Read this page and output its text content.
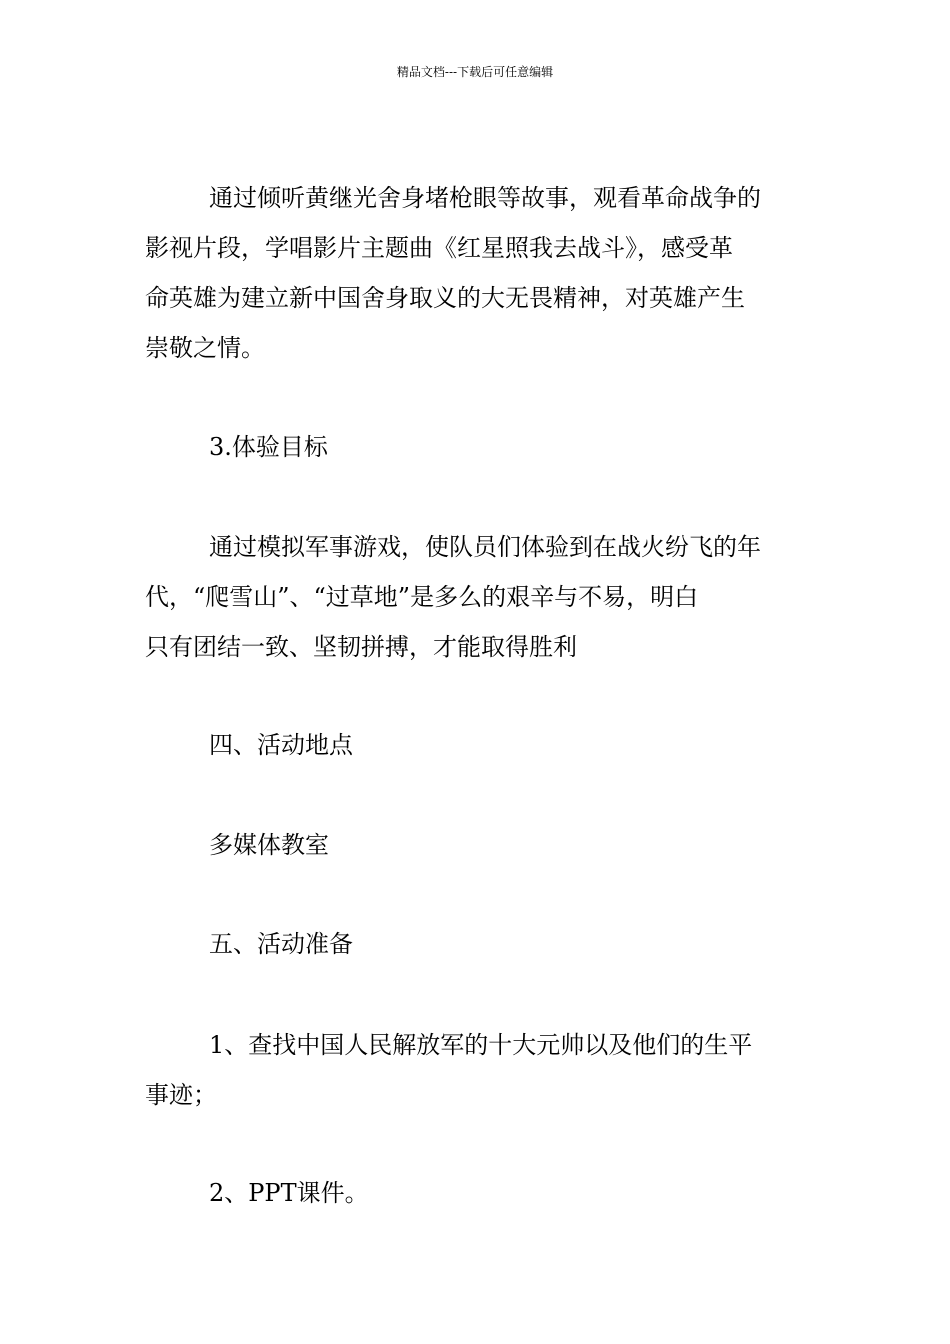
精品文档---下载后可任意编辑
通过倾听黄继光舍身堵枪眼等故事，观看革命战争的
影视片段，学唱影片主题曲《红星照我去战斗》，感受革
命英雄为建立新中国舍身取义的大无畏精神，对英雄产生
崇敬之情。
3.体验目标
通过模拟军事游戏，使队员们体验到在战火纷飞的年
代，“爬雪山”、“过草地”是多么的艰辛与不易，明白
只有团结一致、坚韧拼搏，才能取得胜利
四、活动地点
多媒体教室
五、活动准备
1、查找中国人民解放军的十大元帅以及他们的生平
事迹；
2、PPT课件。
